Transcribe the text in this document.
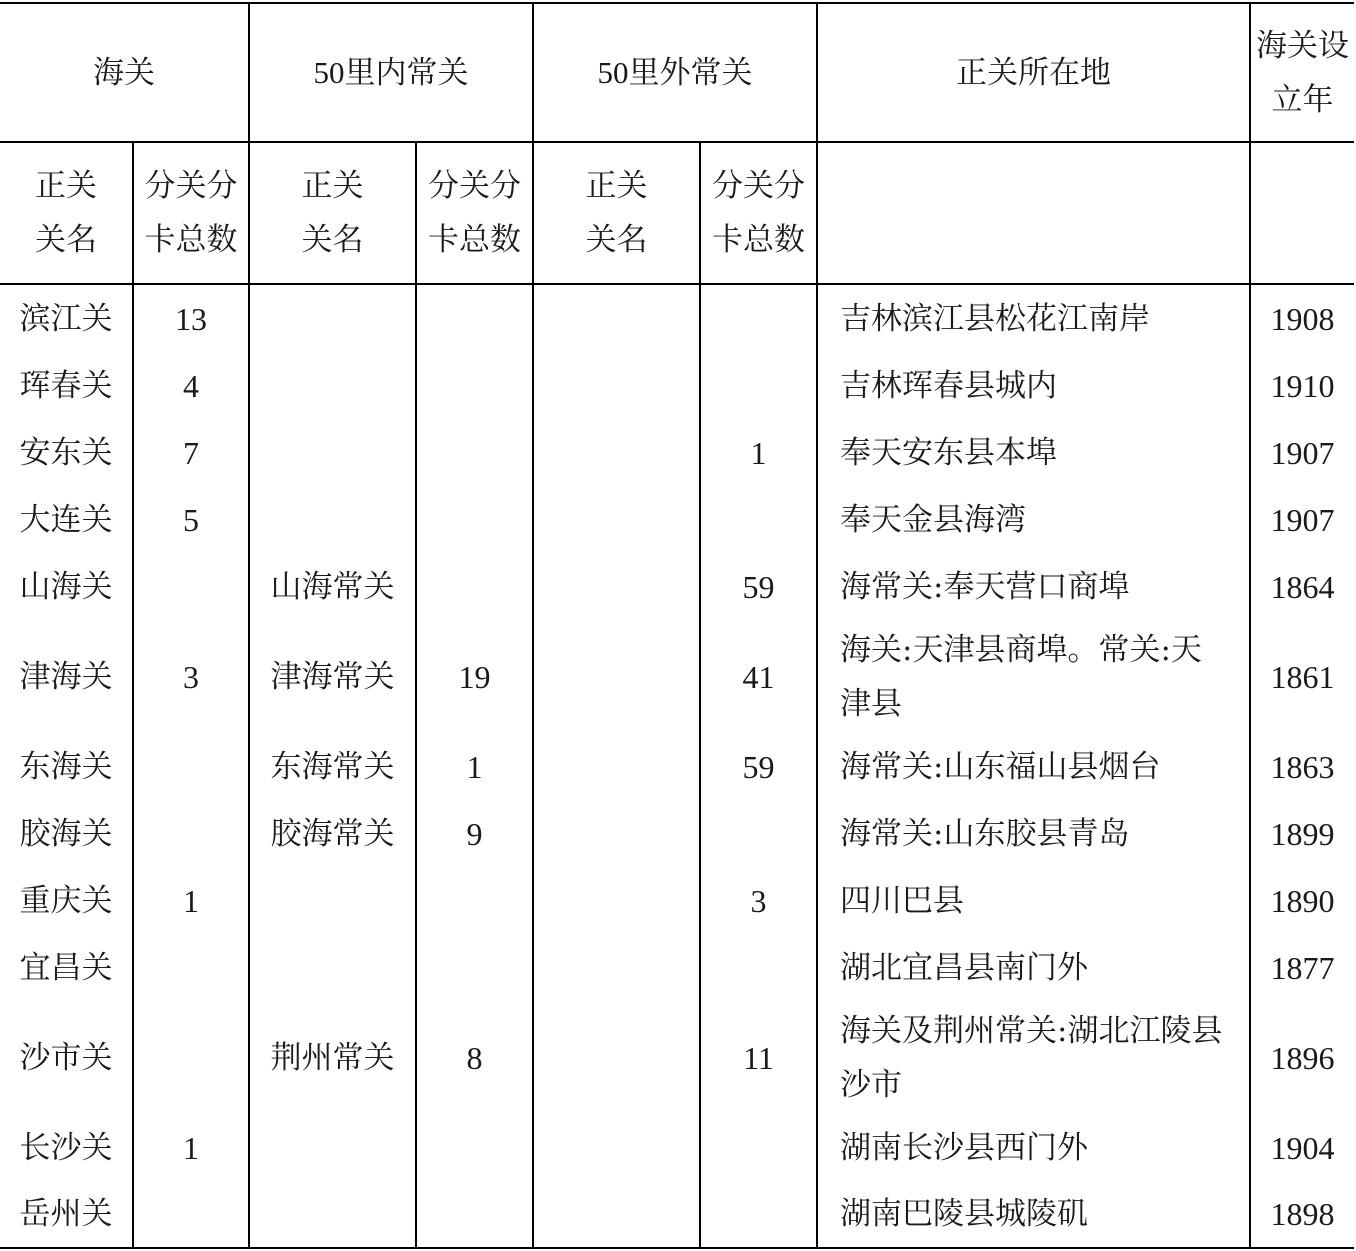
海关		50里内常关		50里外常关		正关所在地	海关设立年
正关关名	分关分卡总数	正关关名	分关分卡总数	正关关名	分关分卡总数		
滨江关	13					吉林滨江县松花江南岸	1908
珲春关	4					吉林珲春县城内	1910
安东关	7				1	奉天安东县本埠	1907
大连关	5					奉天金县海湾	1907
山海关		山海常关			59	海常关:奉天营口商埠	1864
津海关	3	津海常关	19		41	海关:天津县商埠。常关:天津县	1861
东海关		东海常关	1		59	海常关:山东福山县烟台	1863
胶海关		胶海常关	9			海常关:山东胶县青岛	1899
重庆关	1				3	四川巴县	1890
宜昌关						湖北宜昌县南门外	1877
沙市关		荆州常关	8		11	海关及荆州常关:湖北江陵县沙市	1896
长沙关	1					湖南长沙县西门外	1904
岳州关						湖南巴陵县城陵矶	1898
